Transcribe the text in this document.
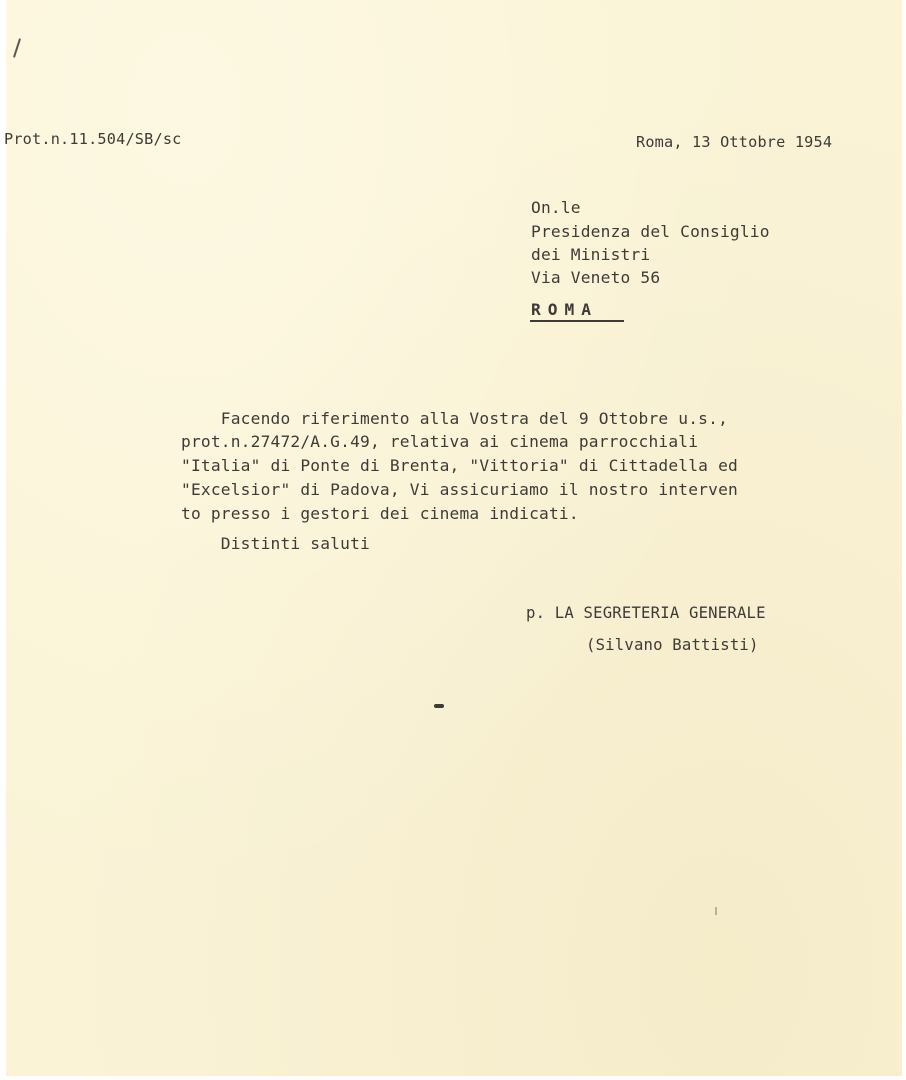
Prot.n.11.504/SB/sc	Roma, 13 Ottobre 1954
On.le
Presidenza del Consiglio
dei Ministri
Via Veneto 56
ROMA
Facendo riferimento alla Vostra del 9 Ottobre u.s.,
prot.n.27472/A.G.49, relativa ai cinema parrocchiali
"Italia" di Ponte di Brenta, "Vittoria" di Cittadella ed
"Excelsior" di Padova, Vi assicuriamo il nostro interven
to presso i gestori dei cinema indicati.
Distinti saluti
p. LA SEGRETERIA GENERALE
(Silvano Battisti)
